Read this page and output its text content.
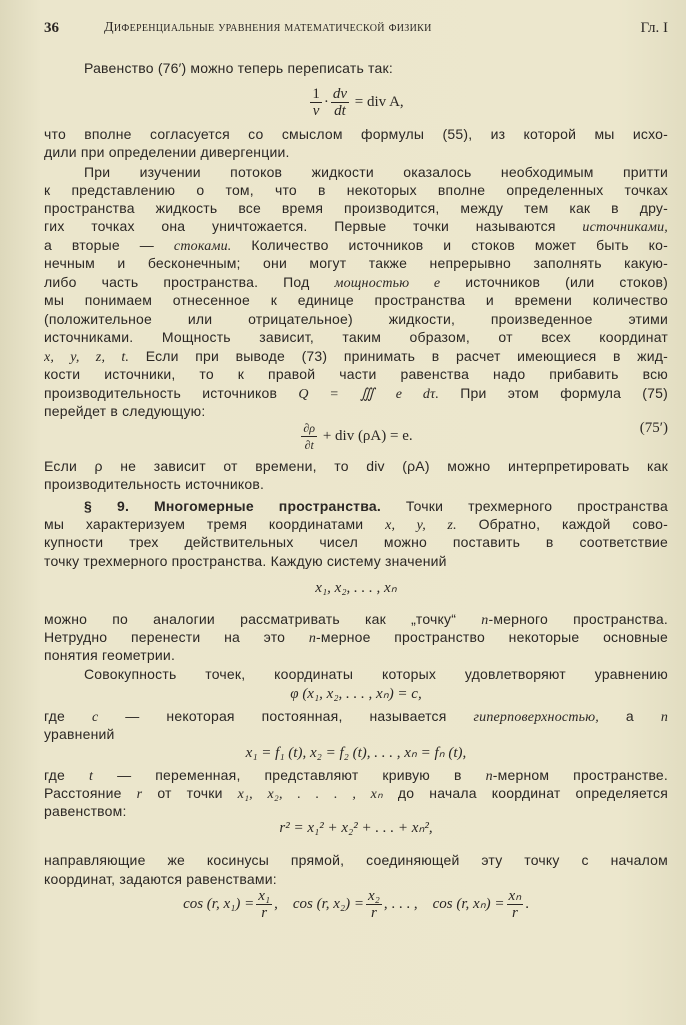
36	Диференциальные уравнения математической физики	Гл. I
Равенство (76′) можно теперь переписать так:
что вполне согласуется со смыслом формулы (55), из которой мы исхо-
дили при определении дивергенции.
При изучении потоков жидкости оказалось необходимым притти
к представлению о том, что в некоторых вполне определенных точках
пространства жидкость все время производится, между тем как в дру-
гих точках она уничтожается. Первые точки называются источниками,
а вторые — стоками. Количество источников и стоков может быть ко-
нечным и бесконечным; они могут также непрерывно заполнять какую-
либо часть пространства. Под мощностью e источников (или стоков)
мы понимаем отнесенное к единице пространства и времени количество
(положительное или отрицательное) жидкости, произведенное этими
источниками. Мощность зависит, таким образом, от всех координат
x, y, z, t. Если при выводе (73) принимать в расчет имеющиеся в жид-
кости источники, то к правой части равенства надо прибавить всю
производительность источников Q = ∭ e dτ. При этом формула (75)
перейдет в следующую:
Если ρ не зависит от времени, то div (ρA) можно интерпретировать как
производительность источников.
§ 9. Многомерные пространства. Точки трехмерного пространства
мы характеризуем тремя координатами x, y, z. Обратно, каждой сово-
купности трех действительных чисел можно поставить в соответствие
точку трехмерного пространства. Каждую систему значений
можно по аналогии рассматривать как „точку“ n-мерного пространства.
Нетрудно перенести на это n-мерное пространство некоторые основные
понятия геометрии.
Совокупность точек, координаты которых удовлетворяют уравнению
где c — некоторая постоянная, называется гиперповерхностью, а n
уравнений
где t — переменная, представляют кривую в n-мерном пространстве.
Расстояние r от точки x₁, x₂, . . . , xₙ до начала координат определяется
равенством:
направляющие же косинусы прямой, соединяющей эту точку с началом
координат, задаются равенствами:
$\frac{1}{v} \cdot \frac{dv}{dt}$ = div A,
$\frac{\partial\rho}{\partial t}$ + div (ρA) = e.	(75′)
x₁, x₂, . . . , xₙ
φ (x₁, x₂, . . . , xₙ) = c,
x₁ = f₁ (t), x₂ = f₂ (t), . . . , xₙ = fₙ (t),
r² = x₁² + x₂² + . . . + xₙ²,
cos (r, $x_1) = \frac{\text{x₁}}{r}$ , cos (r, $x_2) = \frac{\text{x₂}}{r}$ , . . . , cos (r, $x_n) = \frac{\text{xₙ}}{r}$ .
